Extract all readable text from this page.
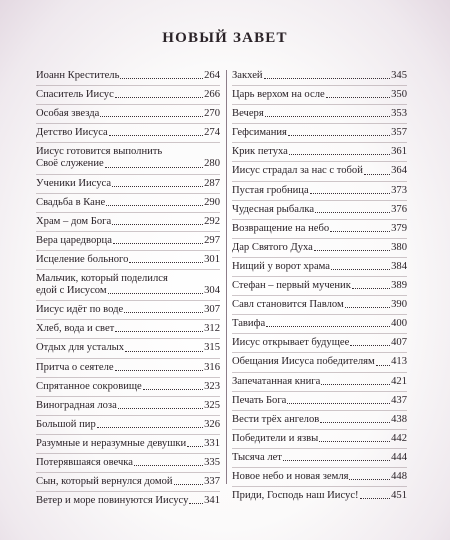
НОВЫЙ ЗАВЕТ
Иоанн Креститель	264
Спаситель Иисус	266
Особая звезда	270
Детство Иисуса	274
Иисус готовится выполнить
Своё служение	280
Ученики Иисуса	287
Свадьба в Кане	290
Храм – дом Бога	292
Вера царедворца	297
Исцеление больного	301
Мальчик, который поделился
едой с Иисусом	304
Иисус идёт по воде	307
Хлеб, вода и свет	312
Отдых для усталых	315
Притча о сеятеле	316
Спрятанное сокровище	323
Виноградная лоза	325
Большой пир	326
Разумные и неразумные девушки 331
Потерявшаяся овечка	335
Сын, который вернулся домой	337
Ветер и море повинуются Иисусу 341
Закхей	345
Царь верхом на осле	350
Вечеря	353
Гефсимания	357
Крик петуха	361
Иисус страдал за нас с тобой	364
Пустая гробница	373
Чудесная рыбалка	376
Возвращение на небо	379
Дар Святого Духа	380
Нищий у ворот храма	384
Стефан – первый мученик	389
Савл становится Павлом	390
Тавифа	400
Иисус открывает будущее	407
Обещания Иисуса победителям 413
Запечатанная книга	421
Печать Бога	437
Вести трёх ангелов	438
Победители и язвы	442
Тысяча лет	444
Новое небо и новая земля	448
Приди, Господь наш Иисус!	451
